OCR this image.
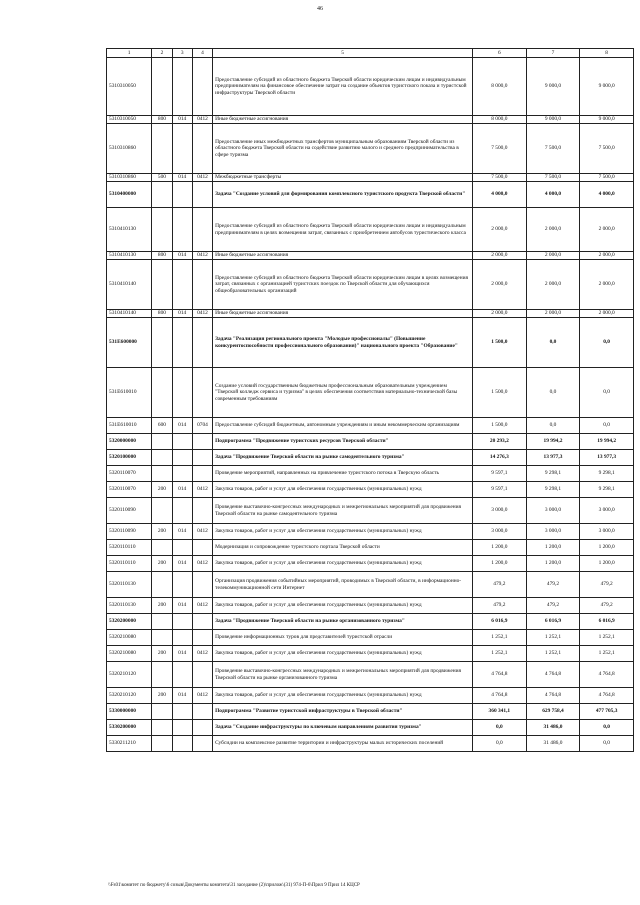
46
1	2	3	4	5	6	7	8
5310310050				Предоставление субсидий из областного бюджета Тверской области юридическим лицам и индивидуальным предпринимателям на финансовое обеспечение затрат на создание объектов туристского показа и туристской инфраструктуры Тверской области	8 000,0	9 000,0	9 000,0
5310310050	800	014	0412	Иные бюджетные ассигнования	8 000,0	9 000,0	9 000,0
5310310860				Предоставление иных межбюджетных трансфертов муниципальным образованиям Тверской области из областного бюджета Тверской области на содействие развитию малого и среднего предпринимательства в сфере туризма	7 500,0	7 500,0	7 500,0
5310310860	500	014	0412	Межбюджетные трансферты	7 500,0	7 500,0	7 500,0
5310400000				Задача "Создание условий для формирования комплексного туристского продукта Тверской области"	4 000,0	4 000,0	4 000,0
5310410130				Предоставление субсидий из областного бюджета Тверской области юридическим лицам и индивидуальным предпринимателям в целях возмещения затрат, связанных с приобретением автобусов туристического класса	2 000,0	2 000,0	2 000,0
5310410130	800	014	0412	Иные бюджетные ассигнования	2 000,0	2 000,0	2 000,0
5310410140				Предоставление субсидий из областного бюджета Тверской области юридическим лицам в целях возмещения затрат, связанных с организацией туристских поездок по Тверской области для обучающихся общеобразовательных организаций	2 000,0	2 000,0	2 000,0
5310410140	800	014	0412	Иные бюджетные ассигнования	2 000,0	2 000,0	2 000,0
531E600000				Задача "Реализация регионального проекта "Молодые профессионалы" (Повышение конкурентоспособности профессионального образования)" национального проекта "Образование"	1 500,0	0,0	0,0
531E610010				Создание условий государственным бюджетным профессиональным образовательным учреждением "Тверской колледж сервиса и туризма" в целях обеспечения соответствия материально-технической базы современным требованиям	1 500,0	0,0	0,0
531E610010	600	014	0704	Предоставление субсидий бюджетным, автономным учреждениям и иным некоммерческим организациям	1 500,0	0,0	0,0
5320000000				Подпрограмма "Продвижение туристских ресурсов Тверской области"	20 293,2	19 994,2	19 994,2
5320100000				Задача "Продвижение Тверской области на рынке самодеятельного туризма"	14 276,3	13 977,3	13 977,3
5320110070				Проведение мероприятий, направленных на привлечение туристского потока в Тверскую область	9 597,1	9 298,1	9 298,1
5320110070	200	014	0412	Закупка товаров, работ и услуг для обеспечения государственных (муниципальных) нужд	9 597,1	9 298,1	9 298,1
5320110090				Проведение выставочно-конгрессных международных и межрегиональных мероприятий для продвижения Тверской области на рынке самодеятельного туризма	3 000,0	3 000,0	3 000,0
5320110090	200	014	0412	Закупка товаров, работ и услуг для обеспечения государственных (муниципальных) нужд	3 000,0	3 000,0	3 000,0
5320110110				Модернизация и сопровождение туристского портала Тверской области	1 200,0	1 200,0	1 200,0
5320110110	200	014	0412	Закупка товаров, работ и услуг для обеспечения государственных (муниципальных) нужд	1 200,0	1 200,0	1 200,0
5320110130				Организация продвижения событийных мероприятий, проводимых в Тверской области, в информационно-телекоммуникационной сети Интернет	479,2	479,2	479,2
5320110130	200	014	0412	Закупка товаров, работ и услуг для обеспечения государственных (муниципальных) нужд	479,2	479,2	479,2
5320200000				Задача "Продвижение Тверской области на рынке организованного туризма"	6 016,9	6 016,9	6 016,9
5320210080				Проведение информационных туров для представителей туристской отрасли	1 252,1	1 252,1	1 252,1
5320210080	200	014	0412	Закупка товаров, работ и услуг для обеспечения государственных (муниципальных) нужд	1 252,1	1 252,1	1 252,1
5320210120				Проведение выставочно-конгрессных международных и межрегиональных мероприятий для продвижения Тверской области на рынке организованного туризма	4 764,8	4 764,8	4 764,8
5320210120	200	014	0412	Закупка товаров, работ и услуг для обеспечения государственных (муниципальных) нужд	4 764,8	4 764,8	4 764,8
5330000000				Подпрограмма "Развитие туристской инфраструктуры в Тверской области"	360 341,1	629 758,4	477 705,3
5330200000				Задача "Создание инфраструктуры по ключевым направлениям развития туризма"	0,0	31 486,0	0,0
5330211210				Субсидии на комплексное развитие территории и инфраструктуры малых исторических поселений	0,0	31 486,0	0,0
\\Fs01\комитет по бюджету\6 созыв\Документы комитета\31 заседание (2)\прилож\(31) 974-П-6\Прил 9 Прил 14 КЦСР
